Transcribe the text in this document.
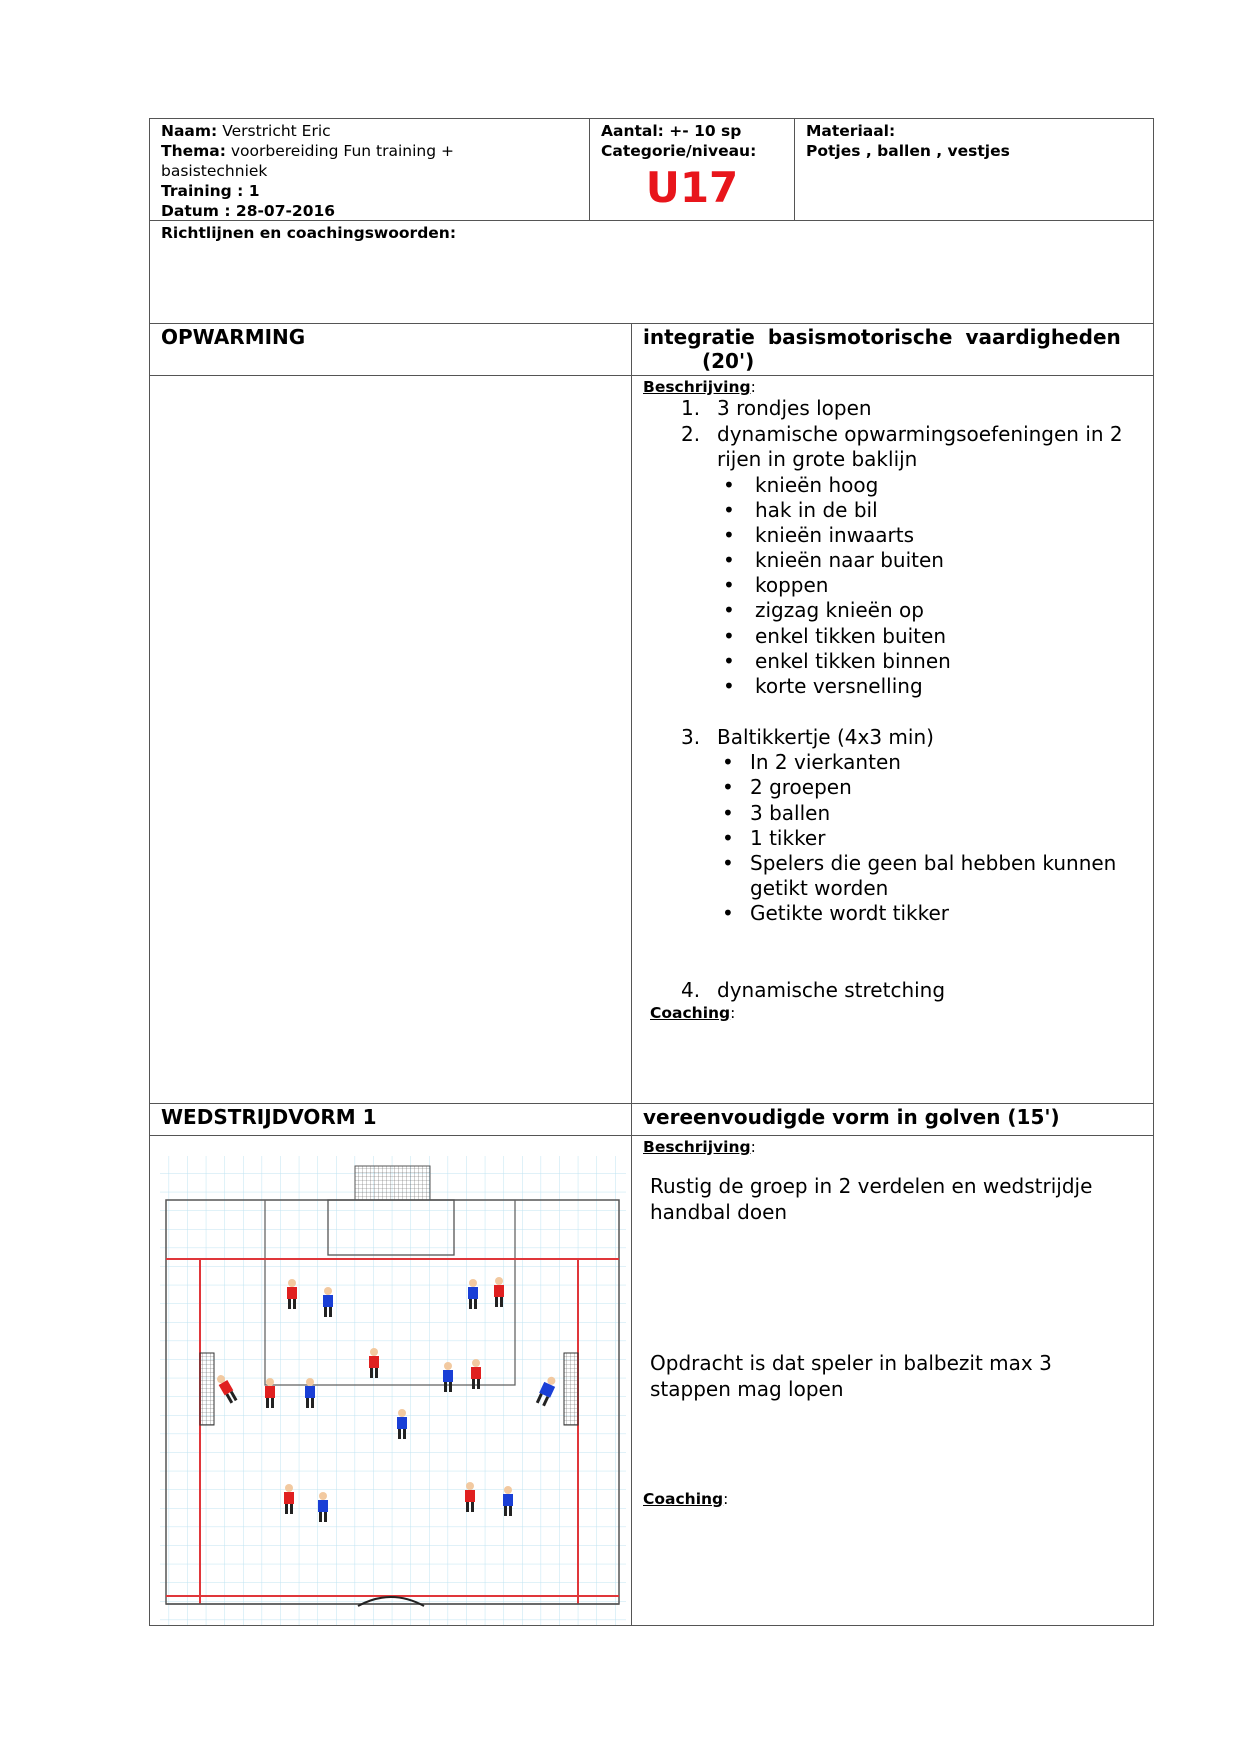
Naam: Verstricht Eric
Thema: voorbereiding Fun training +
basistechniek
Training : 1
Datum : 28-07-2016
Aantal: +- 10 sp
Categorie/niveau:
U17
Materiaal:
Potjes , ballen , vestjes
Richtlijnen en coachingswoorden:
OPWARMING	integratie basismotorische vaardigheden
(20')
Beschrijving:
1. 3 rondjes lopen
2. dynamische opwarmingsoefeningen in 2
rijen in grote baklijn
• knieën hoog
• hak in de bil
• knieën inwaarts
• knieën naar buiten
• koppen
• zigzag knieën op
• enkel tikken buiten
• enkel tikken binnen
• korte versnelling
3. Baltikkertje (4x3 min)
• In 2 vierkanten
• 2 groepen
• 3 ballen
• 1 tikker
• Spelers die geen bal hebben kunnen
getikt worden
• Getikte wordt tikker
4. dynamische stretching
Coaching:
WEDSTRIJDVORM 1	vereenvoudigde vorm in golven (15')
Beschrijving:
Rustig de groep in 2 verdelen en wedstrijdje
handbal doen
Opdracht is dat speler in balbezit max 3
stappen mag lopen
Coaching:
